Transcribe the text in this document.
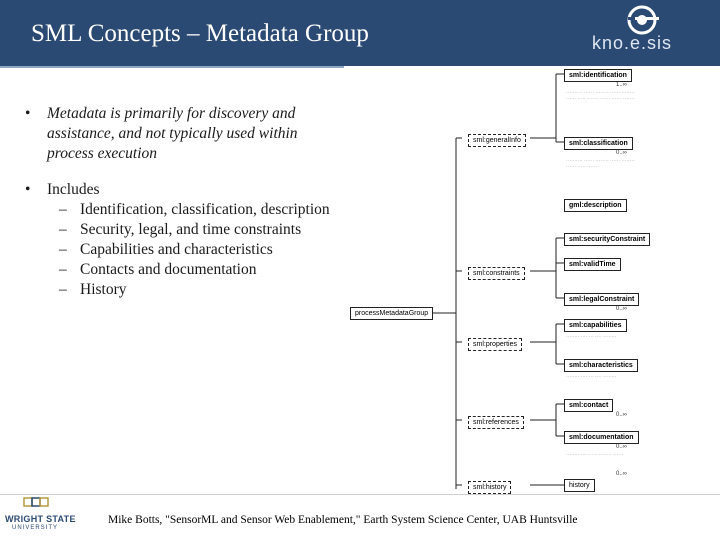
SML Concepts – Metadata Group	kno.e.sis
• Metadata is primarily for discovery and assistance, and not typically used within process execution
• Includes
– Identification, classification, description
– Security, legal, and time constraints
– Capabilities and characteristics
– Contacts and documentation
– History
processMetadataGroup
sml:generalInfo
sml:constraints
sml:properties
sml:references
sml:history
sml:identification
1..∞
·········· ······ ········ ······ ········ ······ ····· ······· ······ ······ ·······
sml:classification
0..∞
·········· ······ ········ ······ ········ ······ ····· ·······
gml:description
sml:securityConstraint
sml:validTime
sml:legalConstraint
0..∞
sml:capabilities
········ ···· ··· ···· ········
sml:characteristics
········ ···· ··· ···· ········
sml:contact
0..∞
sml:documentation
0..∞
········ ······ ··· ········ ······
history
0..∞
WRIGHT STATE
UNIVERSITY
Mike Botts, "SensorML and Sensor Web Enablement," Earth System Science Center, UAB Huntsville
